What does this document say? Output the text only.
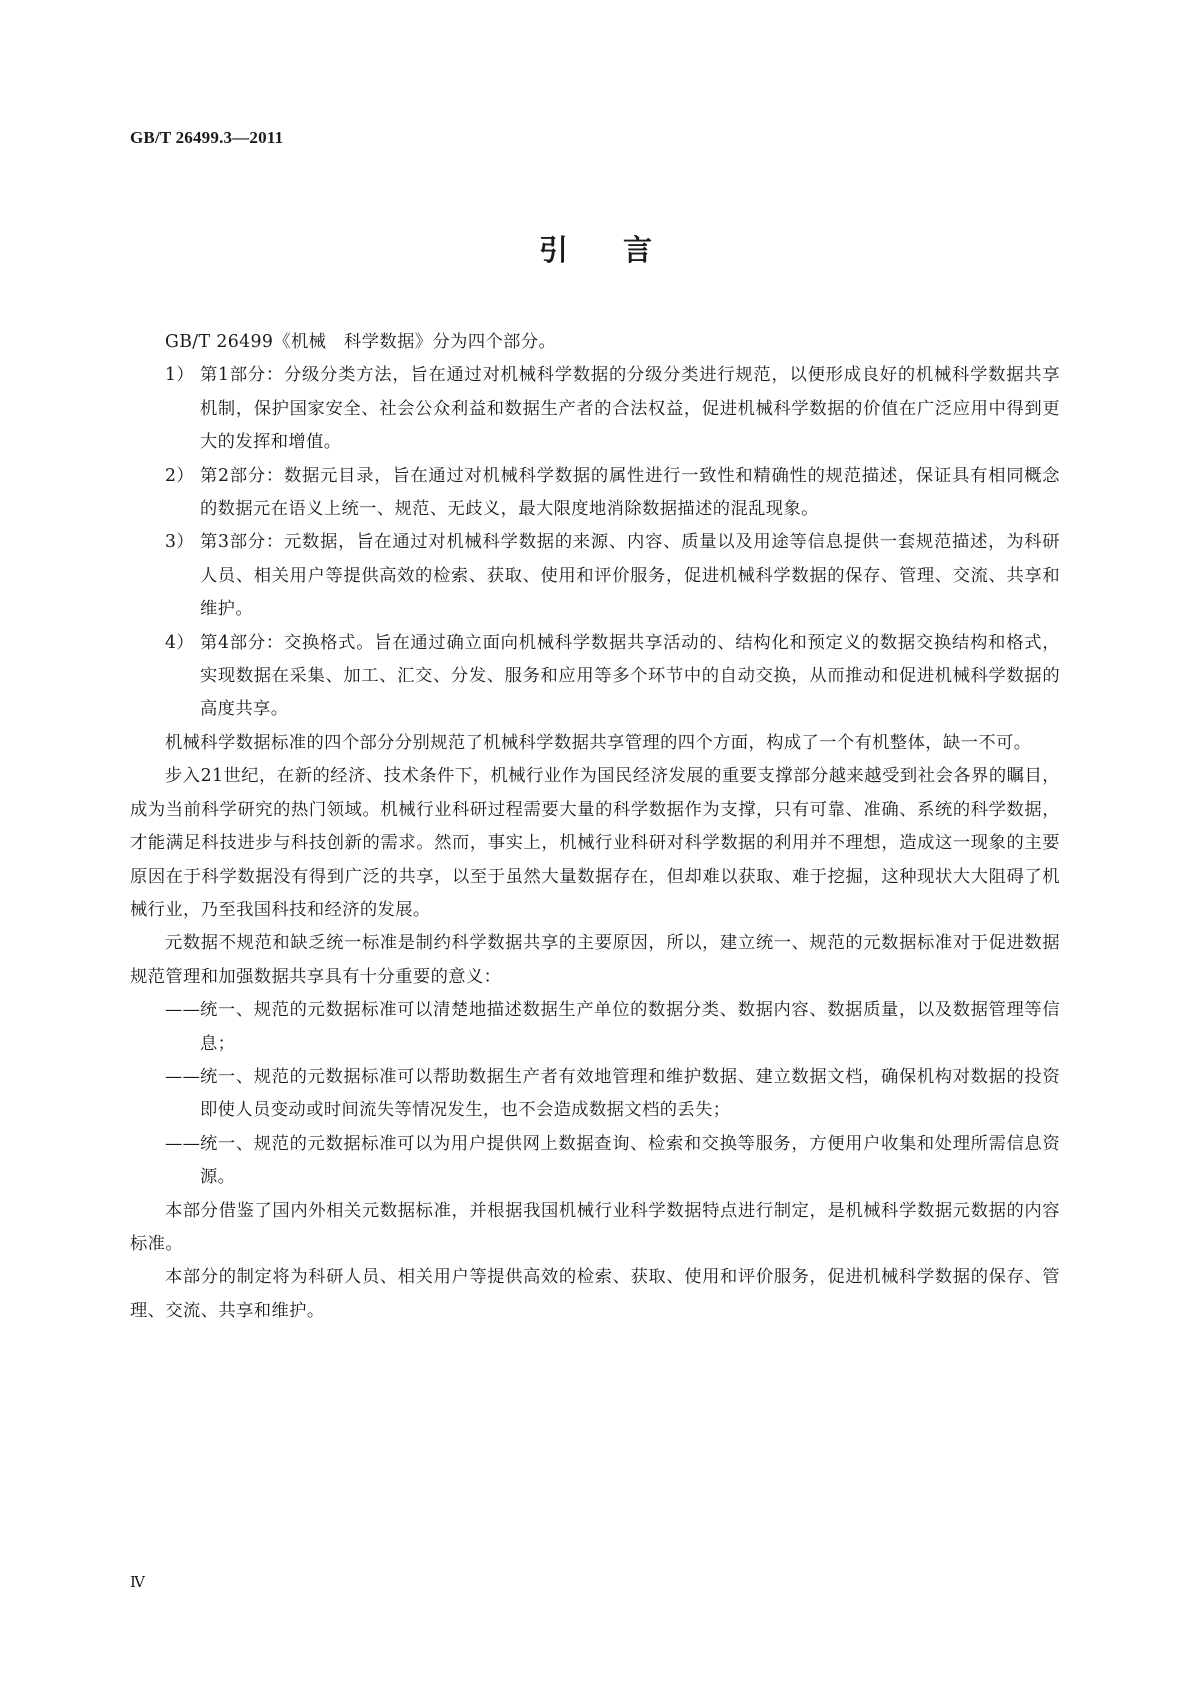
GB/T 26499.3—2011
引言

GB/T 26499《机械　科学数据》分为四个部分。

1） 第1部分：分级分类方法，旨在通过对机械科学数据的分级分类进行规范，以便形成良好的机械科学数据共享机制，保护国家安全、社会公众利益和数据生产者的合法权益，促进机械科学数据的价值在广泛应用中得到更大的发挥和增值。
2） 第2部分：数据元目录，旨在通过对机械科学数据的属性进行一致性和精确性的规范描述，保证具有相同概念的数据元在语义上统一、规范、无歧义，最大限度地消除数据描述的混乱现象。
3） 第3部分：元数据，旨在通过对机械科学数据的来源、内容、质量以及用途等信息提供一套规范描述，为科研人员、相关用户等提供高效的检索、获取、使用和评价服务，促进机械科学数据的保存、管理、交流、共享和维护。
4） 第4部分：交换格式。旨在通过确立面向机械科学数据共享活动的、结构化和预定义的数据交换结构和格式，实现数据在采集、加工、汇交、分发、服务和应用等多个环节中的自动交换，从而推动和促进机械科学数据的高度共享。

机械科学数据标准的四个部分分别规范了机械科学数据共享管理的四个方面，构成了一个有机整体，缺一不可。

步入21世纪，在新的经济、技术条件下，机械行业作为国民经济发展的重要支撑部分越来越受到社会各界的瞩目，成为当前科学研究的热门领域。机械行业科研过程需要大量的科学数据作为支撑，只有可靠、准确、系统的科学数据，才能满足科技进步与科技创新的需求。然而，事实上，机械行业科研对科学数据的利用并不理想，造成这一现象的主要原因在于科学数据没有得到广泛的共享，以至于虽然大量数据存在，但却难以获取、难于挖掘，这种现状大大阻碍了机械行业，乃至我国科技和经济的发展。

元数据不规范和缺乏统一标准是制约科学数据共享的主要原因，所以，建立统一、规范的元数据标准对于促进数据规范管理和加强数据共享具有十分重要的意义：

—— 统一、规范的元数据标准可以清楚地描述数据生产单位的数据分类、数据内容、数据质量，以及数据管理等信息；
—— 统一、规范的元数据标准可以帮助数据生产者有效地管理和维护数据、建立数据文档，确保机构对数据的投资即使人员变动或时间流失等情况发生，也不会造成数据文档的丢失；
—— 统一、规范的元数据标准可以为用户提供网上数据查询、检索和交换等服务，方便用户收集和处理所需信息资源。

本部分借鉴了国内外相关元数据标准，并根据我国机械行业科学数据特点进行制定，是机械科学数据元数据的内容标准。

本部分的制定将为科研人员、相关用户等提供高效的检索、获取、使用和评价服务，促进机械科学数据的保存、管理、交流、共享和维护。

Ⅳ
